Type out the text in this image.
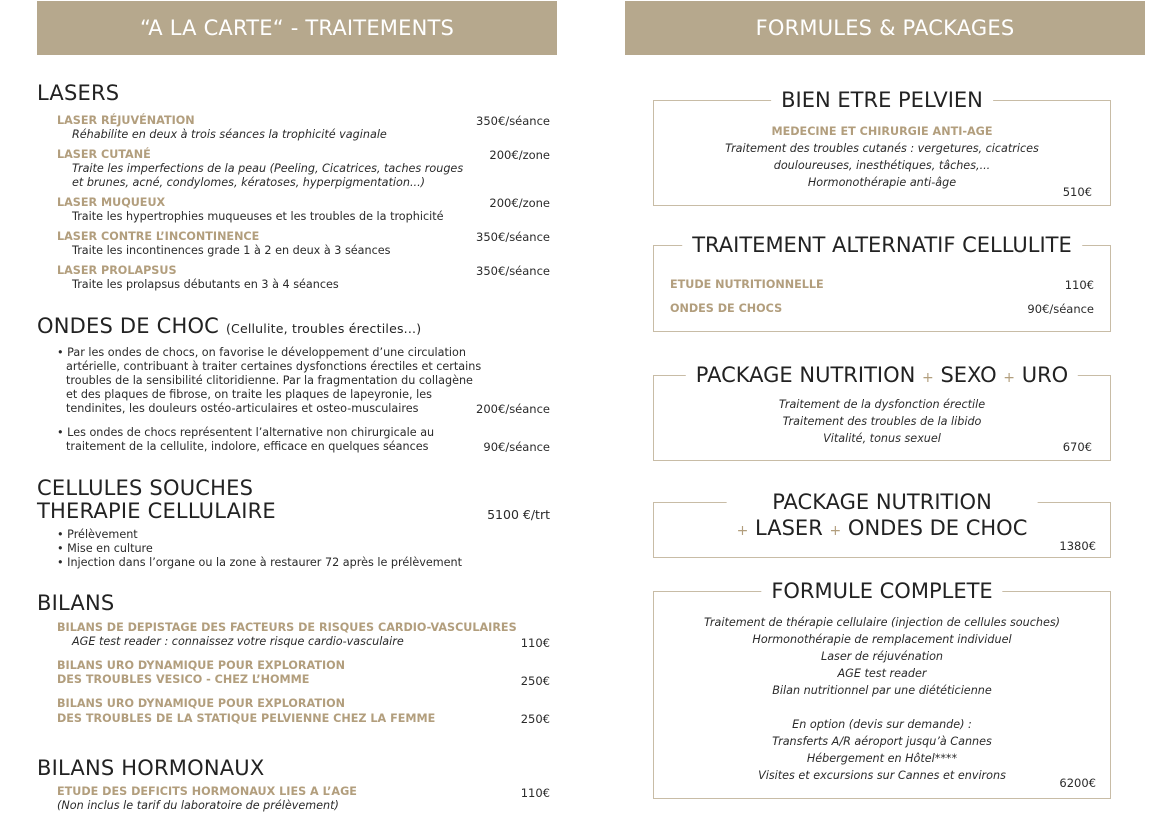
“A LA CARTE“ - TRAITEMENTS	FORMULES & PACKAGES
LASERS
LASER RÉJUVÉNATION	350€/séance
Réhabilite en deux à trois séances la trophicité vaginale
LASER CUTANÉ	200€/zone
Traite les imperfections de la peau (Peeling, Cicatrices, taches rouges
et brunes, acné, condylomes, kératoses, hyperpigmentation...)
LASER MUQUEUX	200€/zone
Traite les hypertrophies muqueuses et les troubles de la trophicité
LASER CONTRE L’INCONTINENCE	350€/séance
Traite les incontinences grade 1 à 2 en deux à 3 séances
LASER PROLAPSUS	350€/séance
Traite les prolapsus débutants en 3 à 4 séances
ONDES DE CHOC (Cellulite, troubles érectiles...)
• Par les ondes de chocs, on favorise le développement d’une circulation
artérielle, contribuant à traiter certaines dysfonctions érectiles et certains
troubles de la sensibilité clitoridienne. Par la fragmentation du collagène
et des plaques de fibrose, on traite les plaques de lapeyronie, les
tendinites, les douleurs ostéo-articulaires et osteo-musculaires	200€/séance
• Les ondes de chocs représentent l’alternative non chirurgicale au
traitement de la cellulite, indolore, efficace en quelques séances	90€/séance
CELLULES SOUCHES
THERAPIE CELLULAIRE	5100 €/trt
• Prélèvement
• Mise en culture
• Injection dans l’organe ou la zone à restaurer 72 après le prélèvement
BILANS
BILANS DE DEPISTAGE DES FACTEURS DE RISQUES CARDIO-VASCULAIRES
AGE test reader : connaissez votre risque cardio-vasculaire	110€
BILANS URO DYNAMIQUE POUR EXPLORATION
DES TROUBLES VESICO - CHEZ L’HOMME	250€
BILANS URO DYNAMIQUE POUR EXPLORATION
DES TROUBLES DE LA STATIQUE PELVIENNE CHEZ LA FEMME	250€
BILANS HORMONAUX
ETUDE DES DEFICITS HORMONAUX LIES A L’AGE	110€
(Non inclus le tarif du laboratoire de prélèvement)
BIEN ETRE PELVIEN
MEDECINE ET CHIRURGIE ANTI-AGE
Traitement des troubles cutanés : vergetures, cicatrices
douloureuses, inesthétiques, tâches,...
Hormonothérapie anti-âge
510€
TRAITEMENT ALTERNATIF CELLULITE
ETUDE NUTRITIONNELLE	110€
ONDES DE CHOCS	90€/séance
PACKAGE NUTRITION + SEXO + URO
Traitement de la dysfonction érectile
Traitement des troubles de la libido
Vitalité, tonus sexuel
670€
PACKAGE NUTRITION
+ LASER + ONDES DE CHOC
1380€
FORMULE COMPLETE
Traitement de thérapie cellulaire (injection de cellules souches)
Hormonothérapie de remplacement individuel
Laser de réjuvénation
AGE test reader
Bilan nutritionnel par une diététicienne
En option (devis sur demande) :
Transferts A/R aéroport jusqu’à Cannes
Hébergement en Hôtel****
Visites et excursions sur Cannes et environs
6200€
